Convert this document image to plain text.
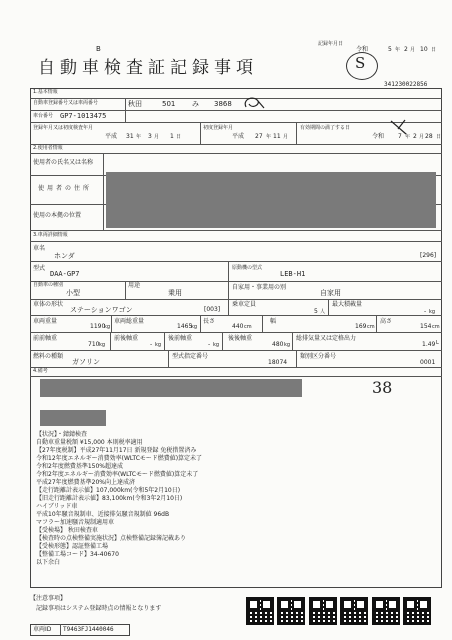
B
自動車検査証記録事項
記録年月日
令和	5 年 2 月 10 日
S
341230022856
1.基本情報
自動車登録番号又は車両番号	秋田	501 み 3868
車台番号 GP7-1013475
登録年月又は初度検査年月
平成 31 年 3 月 1 日
初度登録年月
平成 27 年 11 月
有効期間の満了する日
令和 7 年 2 月 28 日
2.使用者情報
使用者の氏名又は名称
使用者の住所
使用の本拠の位置
3.車両詳細情報
車名
ホンダ	[296]
型式
DAA-GP7
原動機の型式
LEB-H1
自動車の種別
小型
用途
乗用
自家用・事業用の別
自家用
車体の形状
ステーションワゴン	[003]
乗車定員
5 人
最大積載量
- kg
車両重量
1190
kg
車両総重量
1465
kg
長さ
440 cm
幅
169 cm
高さ
154 cm
前前軸重
710 kg
前後軸重
- kg
後前軸重
- kg
後後軸重
480 kg
総排気量又は定格出力
1.49 L
燃料の種類
ガソリン
型式指定番号
18074
類別区分番号
0001
4.備考
38
【状況】・錆錆検査
自動車重量税額 ¥15,000 本則税率適用
【27年度税制】平成27年11月17日 新規登録 免税措置済み
令和12年度エネルギー消費効率(WLTCモード燃費値)算定未了
令和2年度燃費基準150%超達成
令和2年度エネルギー消費効率(WLTCモード燃費値)算定未了
平成27年度燃費基準20%向上達成済
【走行距離計表示値】107,000km(令和5年2月10日)
【旧走行距離計表示値】83,100km(令和3年2月10日)
ハイブリッド車
平成10年騒音規制車、近接排気騒音規制値 96dB
マフラー加速騒音規制適用車
【受検場】 秋田検査車
【検査時の点検整備実施状況】点検整備記録簿記載あり
【受検形態】認証整備工場
【整備工場コード】34-40670
以下余白
【注意事項】
記録事項はシステム登録時点の情報となります
車両ID T9463FJ1440046
